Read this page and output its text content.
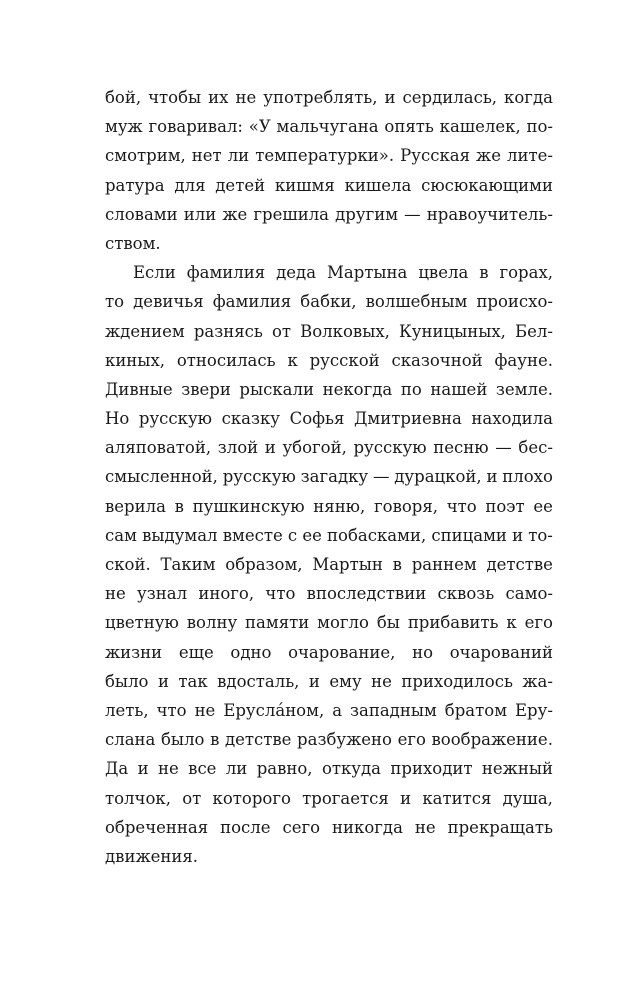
бой, чтобы их не употреблять, и сердилась, когда
муж говаривал: «У мальчугана опять кашелек, по-
смотрим, нет ли температурки». Русская же лите-
ратура для детей кишмя кишела сюсюкающими
словами или же грешила другим — нравоучитель-
ством.
Если фамилия деда Мартына цвела в горах,
то девичья фамилия бабки, волшебным происхо-
ждением разнясь от Волковых, Куницыных, Бел-
киных, относилась к русской сказочной фауне.
Дивные звери рыскали некогда по нашей земле.
Но русскую сказку Софья Дмитриевна находила
аляповатой, злой и убогой, русскую песню — бес-
смысленной, русскую загадку — дурацкой, и плохо
верила в пушкинскую няню, говоря, что поэт ее
сам выдумал вместе с ее побасками, спицами и то-
ской. Таким образом, Мартын в раннем детстве
не узнал иного, что впоследствии сквозь само-
цветную волну памяти могло бы прибавить к его
жизни еще одно очарование, но очарований
было и так вдосталь, и ему не приходилось жа-
леть, что не Еруслáном, а западным братом Еру-
слана было в детстве разбужено его воображение.
Да и не все ли равно, откуда приходит нежный
толчок, от которого трогается и катится душа,
обреченная после сего никогда не прекращать
движения.
